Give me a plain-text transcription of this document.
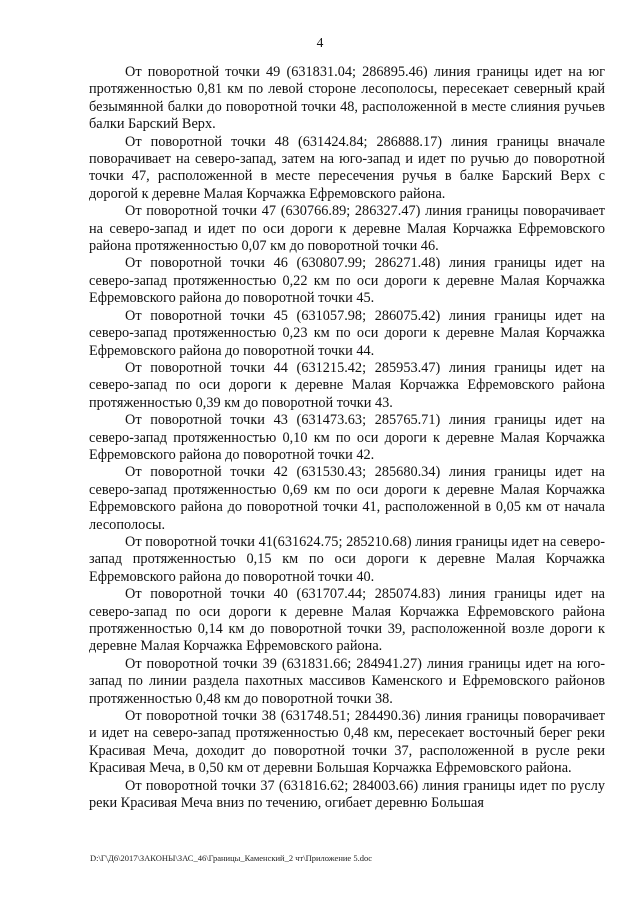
4

От поворотной точки 49 (631831.04; 286895.46) линия границы идет на юг протяженностью 0,81 км по левой стороне лесополосы, пересекает северный край безымянной балки до поворотной точки 48, расположенной в месте слияния ручьев балки Барский Верх.

От поворотной точки 48 (631424.84; 286888.17) линия границы вначале поворачивает на северо-запад, затем на юго-запад и идет по ручью до поворотной точки 47, расположенной в месте пересечения ручья в балке Барский Верх с дорогой к деревне Малая Корчажка Ефремовского района.

От поворотной точки 47 (630766.89; 286327.47) линия границы поворачивает на северо-запад и идет по оси дороги к деревне Малая Корчажка Ефремовского района протяженностью 0,07 км до поворотной точки 46.

От поворотной точки 46 (630807.99; 286271.48) линия границы идет на северо-запад протяженностью 0,22 км по оси дороги к деревне Малая Корчажка Ефремовского района до поворотной точки 45.

От поворотной точки 45 (631057.98; 286075.42) линия границы идет на северо-запад протяженностью 0,23 км по оси дороги к деревне Малая Корчажка Ефремовского района до поворотной точки 44.

От поворотной точки 44 (631215.42; 285953.47) линия границы идет на северо-запад по оси дороги к деревне Малая Корчажка Ефремовского района протяженностью 0,39 км до поворотной точки 43.

От поворотной точки 43 (631473.63; 285765.71) линия границы идет на северо-запад протяженностью 0,10 км по оси дороги к деревне Малая Корчажка Ефремовского района до поворотной точки 42.

От поворотной точки 42 (631530.43; 285680.34) линия границы идет на северо-запад протяженностью 0,69 км по оси дороги к деревне Малая Корчажка Ефремовского района до поворотной точки 41, расположенной в 0,05 км от начала лесополосы.

От поворотной точки 41(631624.75; 285210.68) линия границы идет на северо-запад протяженностью 0,15 км по оси дороги к деревне Малая Корчажка Ефремовского района до поворотной точки 40.

От поворотной точки 40 (631707.44; 285074.83) линия границы идет на северо-запад по оси дороги к деревне Малая Корчажка Ефремовского района протяженностью 0,14 км до поворотной точки 39, расположенной возле дороги к деревне Малая Корчажка Ефремовского района.

От поворотной точки 39 (631831.66; 284941.27) линия границы идет на юго-запад по линии раздела пахотных массивов Каменского и Ефремовского районов протяженностью 0,48 км до поворотной точки 38.

От поворотной точки 38 (631748.51; 284490.36) линия границы поворачивает и идет на северо-запад протяженностью 0,48 км, пересекает восточный берег реки Красивая Меча, доходит до поворотной точки 37, расположенной в русле реки Красивая Меча, в 0,50 км от деревни Большая Корчажка Ефремовского района.

От поворотной точки 37 (631816.62; 284003.66) линия границы идет по руслу реки Красивая Меча вниз по течению, огибает деревню Большая

D:\Г\Д6\2017\ЗАКОНЫ\ЗАС_46\Границы_Каменский_2 чт\Приложение 5.doc
